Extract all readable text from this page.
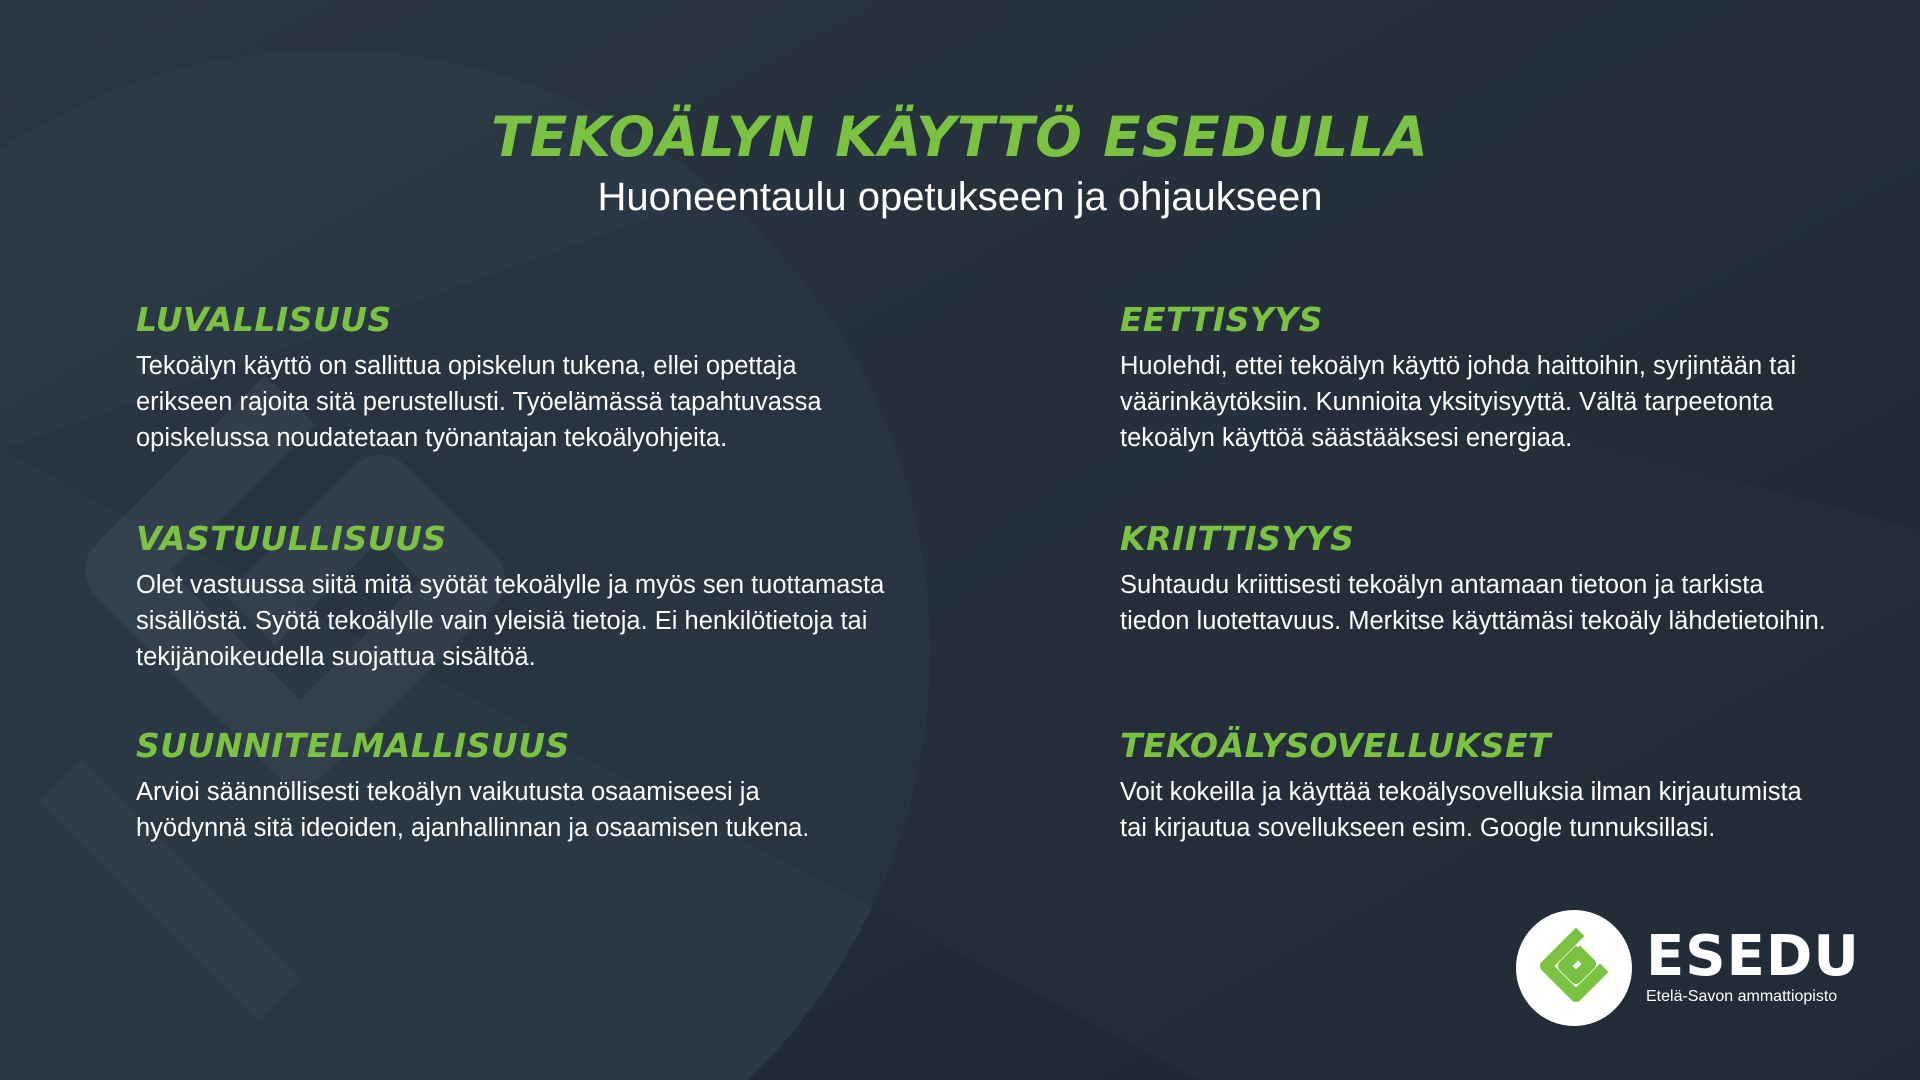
TEKOÄLYN KÄYTTÖ ESEDULLA
Huoneentaulu opetukseen ja ohjaukseen
LUVALLISUUS

Tekoälyn käyttö on sallittua opiskelun tukena, ellei opettaja
erikseen rajoita sitä perustellusti. Työelämässä tapahtuvassa
opiskelussa noudatetaan työnantajan tekoälyohjeita.

VASTUULLISUUS

Olet vastuussa siitä mitä syötät tekoälylle ja myös sen tuottamasta
sisällöstä. Syötä tekoälylle vain yleisiä tietoja. Ei henkilötietoja tai
tekijänoikeudella suojattua sisältöä.

SUUNNITELMALLISUUS

Arvioi säännöllisesti tekoälyn vaikutusta osaamiseesi ja
hyödynnä sitä ideoiden, ajanhallinnan ja osaamisen tukena.

EETTISYYS

Huolehdi, ettei tekoälyn käyttö johda haittoihin, syrjintään tai
väärinkäytöksiin. Kunnioita yksityisyyttä. Vältä tarpeetonta
tekoälyn käyttöä säästääksesi energiaa.

KRIITTISYYS

Suhtaudu kriittisesti tekoälyn antamaan tietoon ja tarkista
tiedon luotettavuus. Merkitse käyttämäsi tekoäly lähdetietoihin.

TEKOÄLYSOVELLUKSET

Voit kokeilla ja käyttää tekoälysovelluksia ilman kirjautumista
tai kirjautua sovellukseen esim. Google tunnuksillasi.

ESEDU
Etelä-Savon ammattiopisto
